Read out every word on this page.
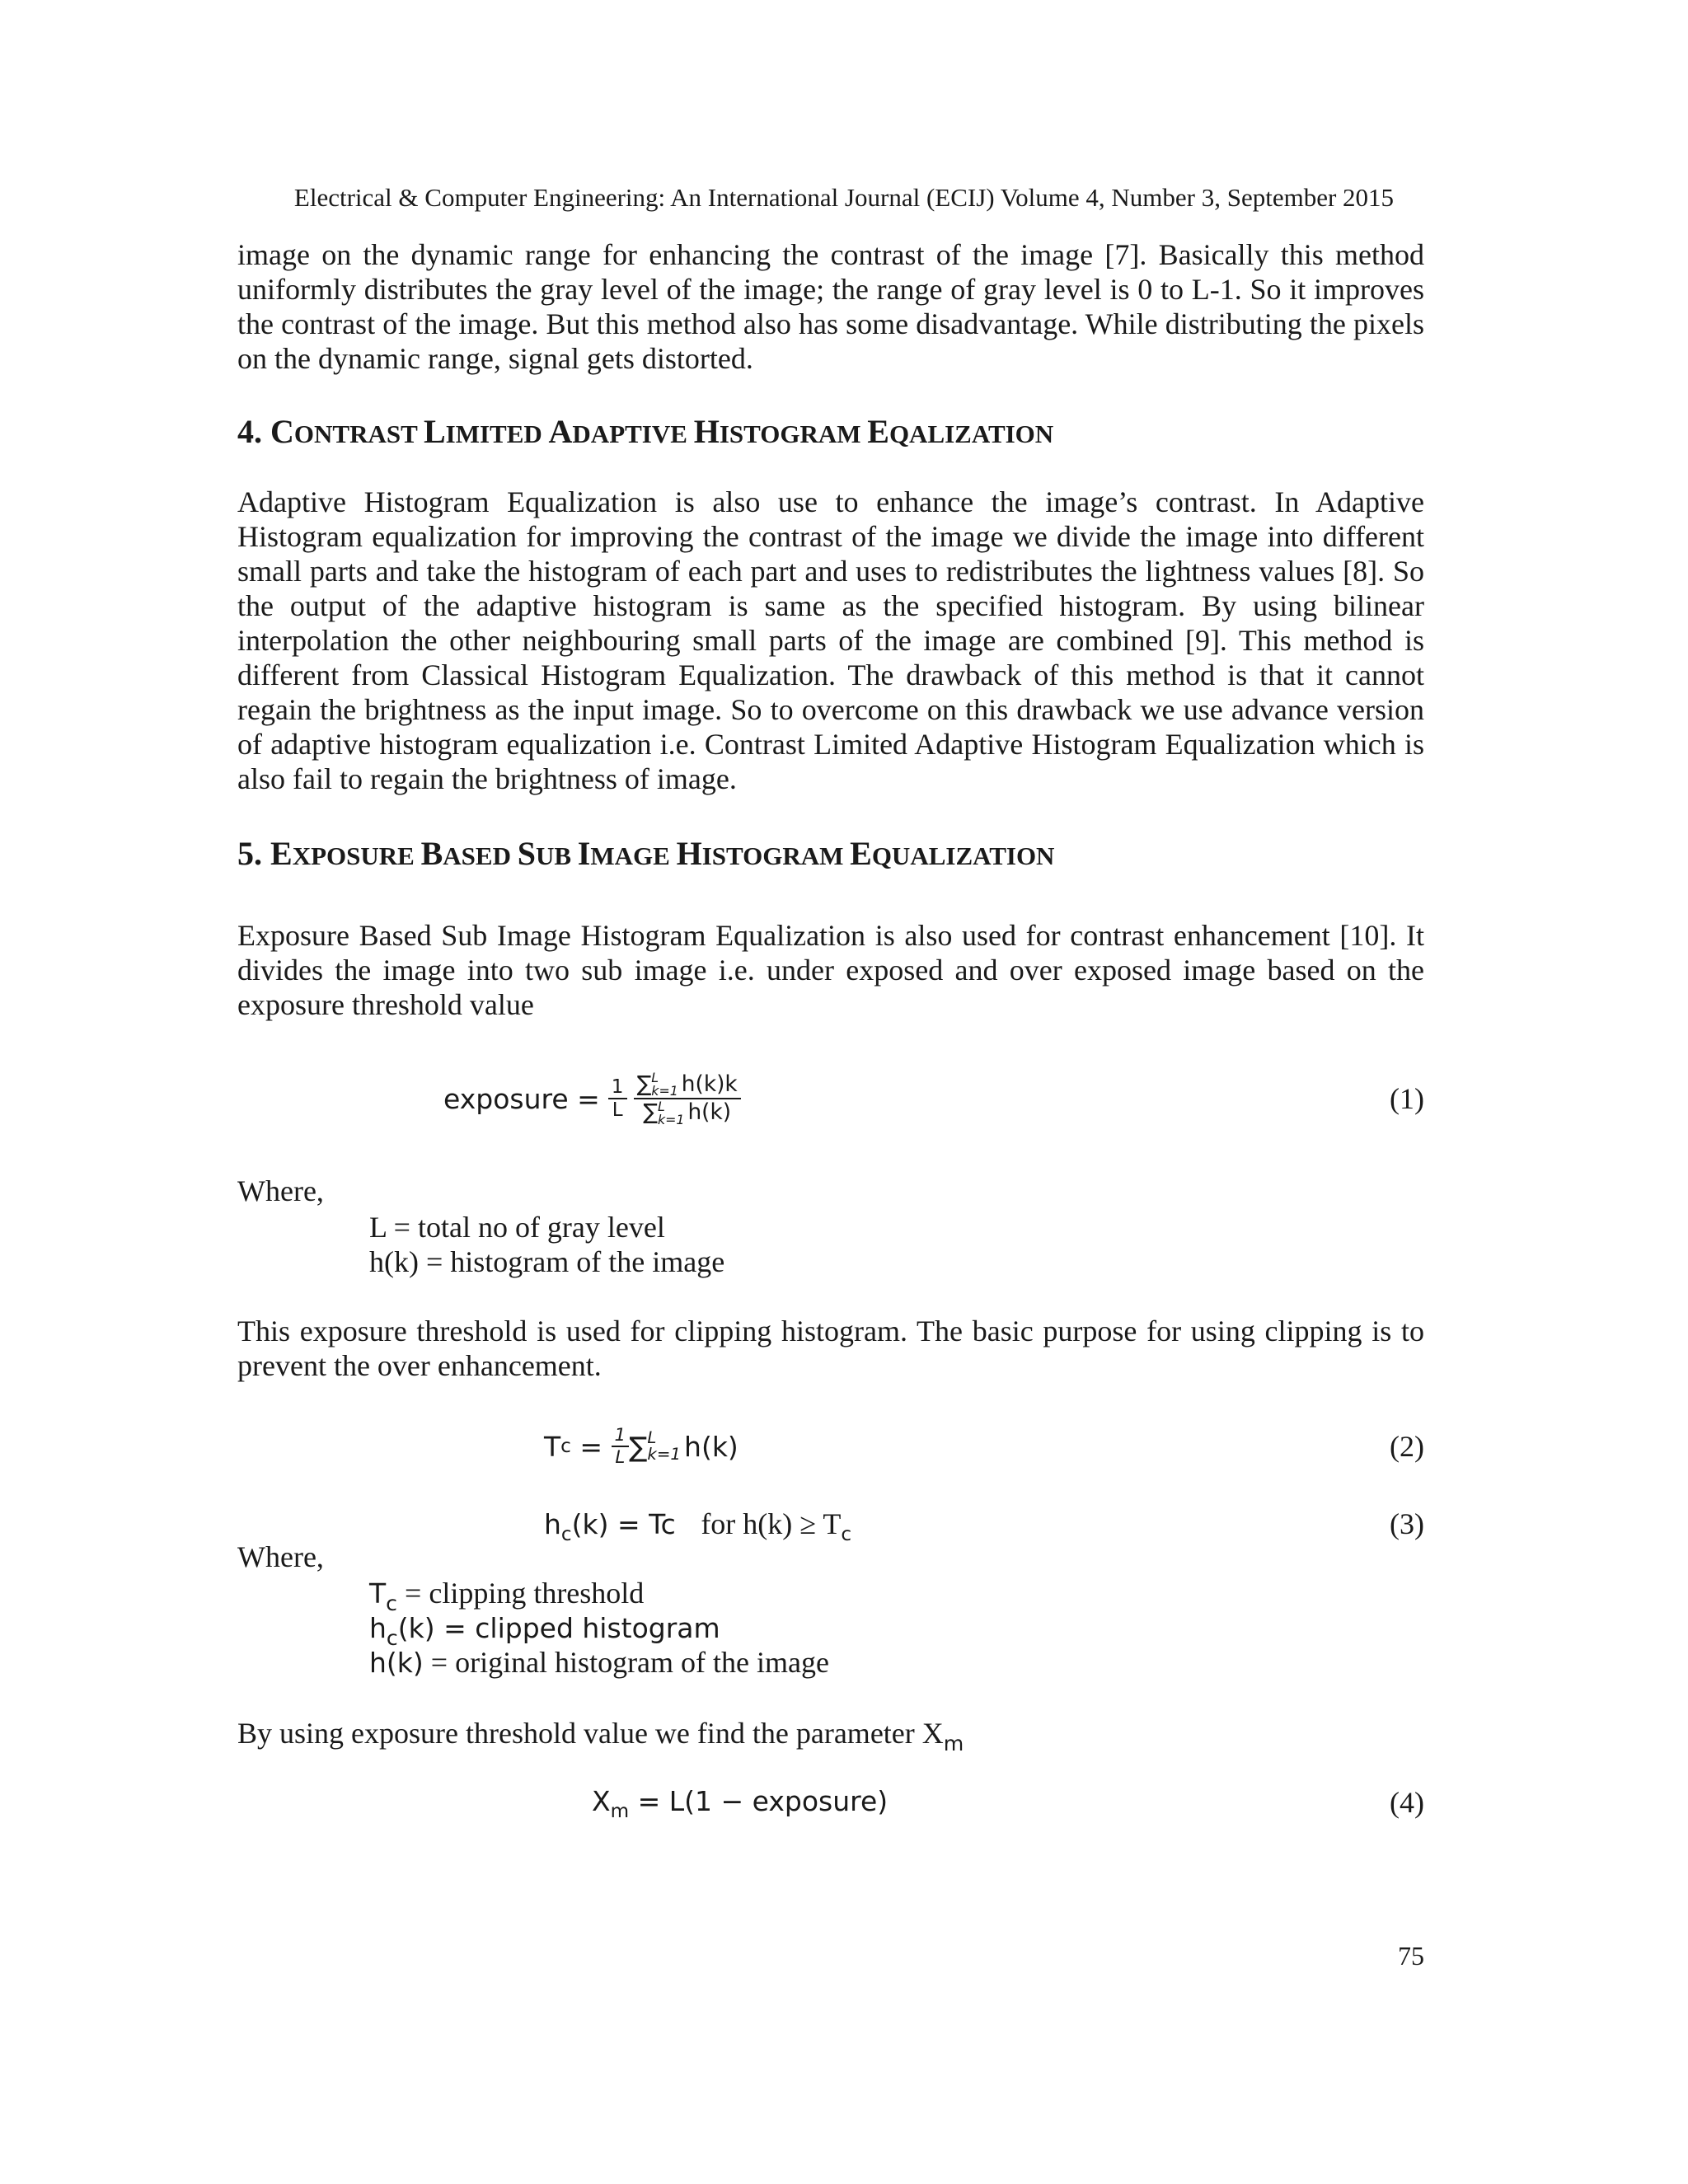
Electrical & Computer Engineering: An International Journal (ECIJ) Volume 4, Number 3, September 2015

image on the dynamic range for enhancing the contrast of the image [7]. Basically this method uniformly distributes the gray level of the image; the range of gray level is 0 to L-1. So it improves the contrast of the image. But this method also has some disadvantage. While distributing the pixels on the dynamic range, signal gets distorted.

4. CONTRAST LIMITED ADAPTIVE HISTOGRAM EQALIZATION

Adaptive Histogram Equalization is also use to enhance the image’s contrast. In Adaptive Histogram equalization for improving the contrast of the image we divide the image into different small parts and take the histogram of each part and uses to redistributes the lightness values [8]. So the output of the adaptive histogram is same as the specified histogram. By using bilinear interpolation the other neighbouring small parts of the image are combined [9]. This method is different from Classical Histogram Equalization. The drawback of this method is that it cannot regain the brightness as the input image. So to overcome on this drawback we use advance version of adaptive histogram equalization i.e. Contrast Limited Adaptive Histogram Equalization which is also fail to regain the brightness of image.

5. EXPOSURE BASED SUB IMAGE HISTOGRAM EQUALIZATION

Exposure Based Sub Image Histogram Equalization is also used for contrast enhancement [10]. It divides the image into two sub image i.e. under exposed and over exposed image based on the exposure threshold value

exposure = $\frac{1}{L}$ ∑ L
k=1 h(k)k
∑ L
k=1 h(k)	(1)
Where,
L = total no of gray level
h(k) = histogram of the image

This exposure threshold is used for clipping histogram. The basic purpose for using clipping is to prevent the over enhancement.

T $c = \frac{1}{L}$ ∑ L
k=1 h(k)	(2)
$h_c(k) = Tc$ for $h(k) \ge T_c$	(3)
Where,
$T_c$ = clipping threshold
$h_c(k)$ = clipped histogram
h(k) = original histogram of the image
By using exposure threshold value we find the parameter $X_m$
$X_m = L(1$ − exposure)	(4)
75
